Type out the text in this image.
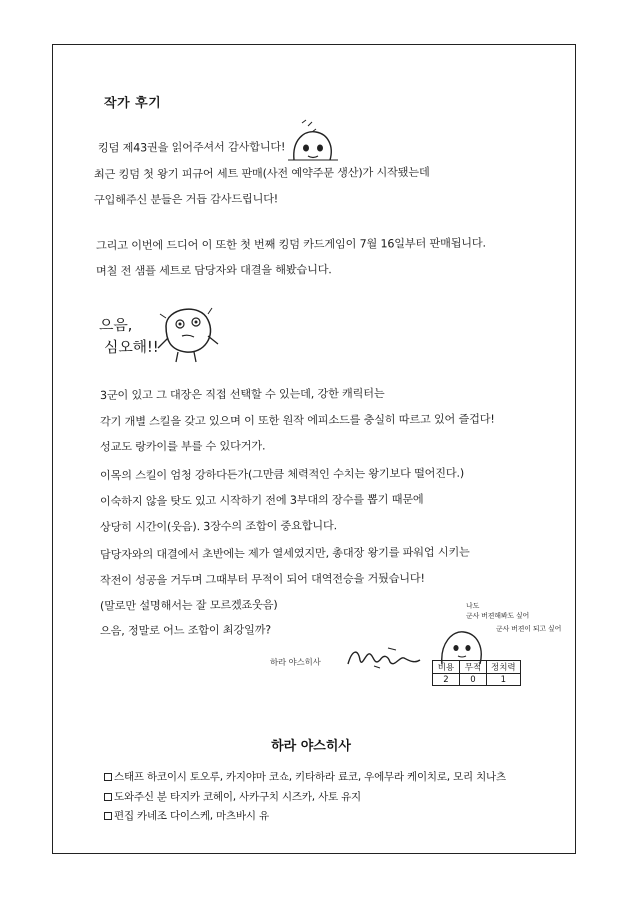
작가 후기
킹덤 제43권을 읽어주셔서 감사합니다!
최근 킹덤 첫 왕기 피규어 세트 판매(사전 예약주문 생산)가 시작됐는데
구입해주신 분들은 거듭 감사드립니다!
그리고 이번에 드디어 이 또한 첫 번째 킹덤 카드게임이 7월 16일부터 판매됩니다.
며칠 전 샘플 세트로 담당자와 대결을 해봤습니다.
으음,
심오해!!
3군이 있고 그 대장은 직접 선택할 수 있는데, 강한 캐릭터는
각기 개별 스킬을 갖고 있으며 이 또한 원작 에피소드를 충실히 따르고 있어 즐겁다!
성교도 랑카이를 부를 수 있다거가.
이목의 스킬이 엄청 강하다든가(그만큼 체력적인 수치는 왕기보다 떨어진다.)
이숙하지 않을 탓도 있고 시작하기 전에 3부대의 장수를 뽑기 때문에
상당히 시간이(웃음). 3장수의 조합이 중요합니다.
담당자와의 대결에서 초반에는 제가 열세였지만, 총대장 왕기를 파워업 시키는
작전이 성공을 거두며 그때부터 무적이 되어 대역전승을 거뒀습니다!
(말로만 설명해서는 잘 모르겠죠웃음)
으음, 정말로 어느 조합이 최강일까?
하라 야스히사
나도
군사 버젼해봐도 싶어
군사 버젼이 되고 싶어
비용	무적	정치력
2	0	1
하라 야스히사
스태프 하코이시 토오루, 카지야마 코쇼, 키타하라 료코, 우에무라 케이치로, 모리 치나츠
도와주신 분 타지카 코헤이, 사카구치 시즈카, 사토 유지
편집 카네조 다이스케, 마츠바시 유
